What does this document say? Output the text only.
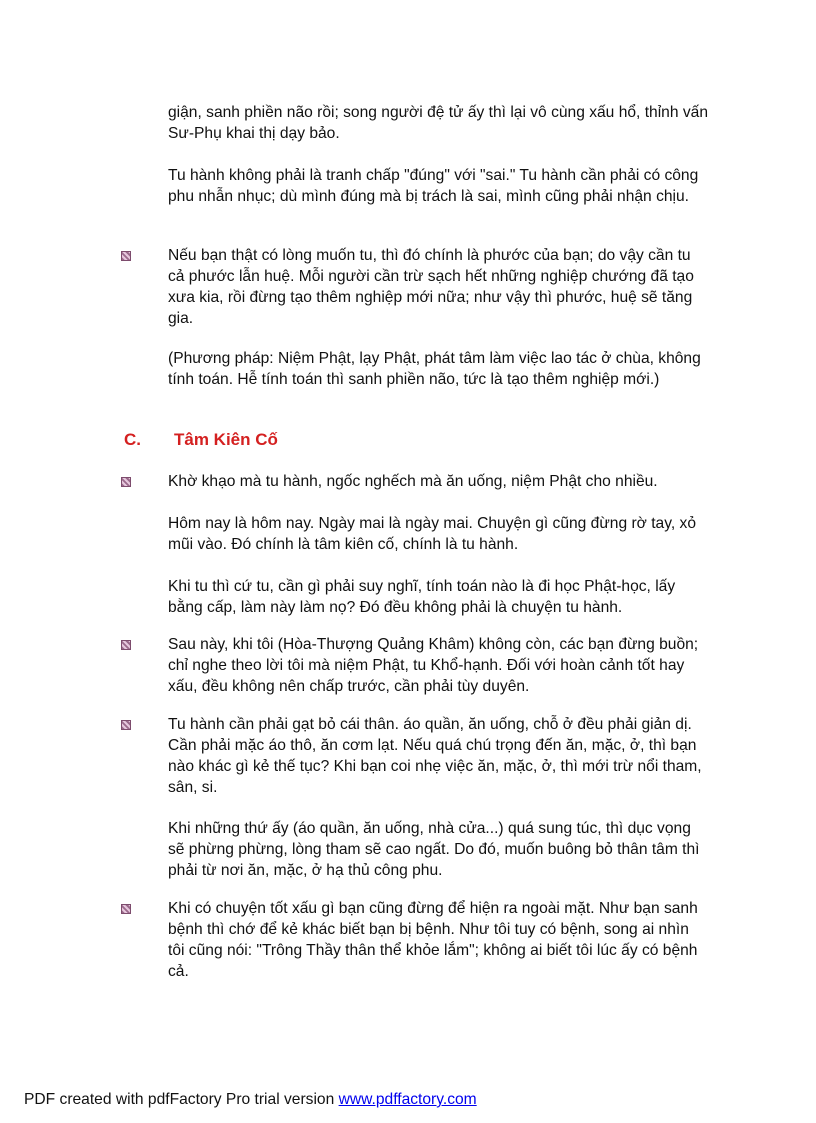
giận, sanh phiền não rồi; song người đệ tử ấy thì lại vô cùng xấu hổ, thỉnh vấn Sư-Phụ khai thị dạy bảo.

Tu hành không phải là tranh chấp "đúng" với "sai." Tu hành cần phải có công phu nhẫn nhục; dù mình đúng mà bị trách là sai, mình cũng phải nhận chịu.

Nếu bạn thật có lòng muốn tu, thì đó chính là phước của bạn; do vậy cần tu cả phước lẫn huệ. Mỗi người cần trừ sạch hết những nghiệp chướng đã tạo xưa kia, rồi đừng tạo thêm nghiệp mới nữa; như vậy thì phước, huệ sẽ tăng gia.

(Phương pháp: Niệm Phật, lạy Phật, phát tâm làm việc lao tác ở chùa, không tính toán. Hễ tính toán thì sanh phiền não, tức là tạo thêm nghiệp mới.)

C. Tâm Kiên Cố

Khờ khạo mà tu hành, ngốc nghếch mà ăn uống, niệm Phật cho nhiều.

Hôm nay là hôm nay. Ngày mai là ngày mai. Chuyện gì cũng đừng rờ tay, xỏ mũi vào. Đó chính là tâm kiên cố, chính là tu hành.

Khi tu thì cứ tu, cần gì phải suy nghĩ, tính toán nào là đi học Phật-học, lấy bằng cấp, làm này làm nọ? Đó đều không phải là chuyện tu hành.

Sau này, khi tôi (Hòa-Thượng Quảng Khâm) không còn, các bạn đừng buồn; chỉ nghe theo lời tôi mà niệm Phật, tu Khổ-hạnh. Đối với hoàn cảnh tốt hay xấu, đều không nên chấp trước, cần phải tùy duyên.

Tu hành cần phải gạt bỏ cái thân. áo quần, ăn uống, chỗ ở đều phải giản dị. Cần phải mặc áo thô, ăn cơm lạt. Nếu quá chú trọng đến ăn, mặc, ở, thì bạn nào khác gì kẻ thế tục? Khi bạn coi nhẹ việc ăn, mặc, ở, thì mới trừ nổi tham, sân, si.

Khi những thứ ấy (áo quần, ăn uống, nhà cửa...) quá sung túc, thì dục vọng sẽ phừng phừng, lòng tham sẽ cao ngất. Do đó, muốn buông bỏ thân tâm thì phải từ nơi ăn, mặc, ở hạ thủ công phu.

Khi có chuyện tốt xấu gì bạn cũng đừng để hiện ra ngoài mặt. Như bạn sanh bệnh thì chớ để kẻ khác biết bạn bị bệnh. Như tôi tuy có bệnh, song ai nhìn tôi cũng nói: "Trông Thầy thân thể khỏe lắm"; không ai biết tôi lúc ấy có bệnh cả.

PDF created with pdfFactory Pro trial version www.pdffactory.com
